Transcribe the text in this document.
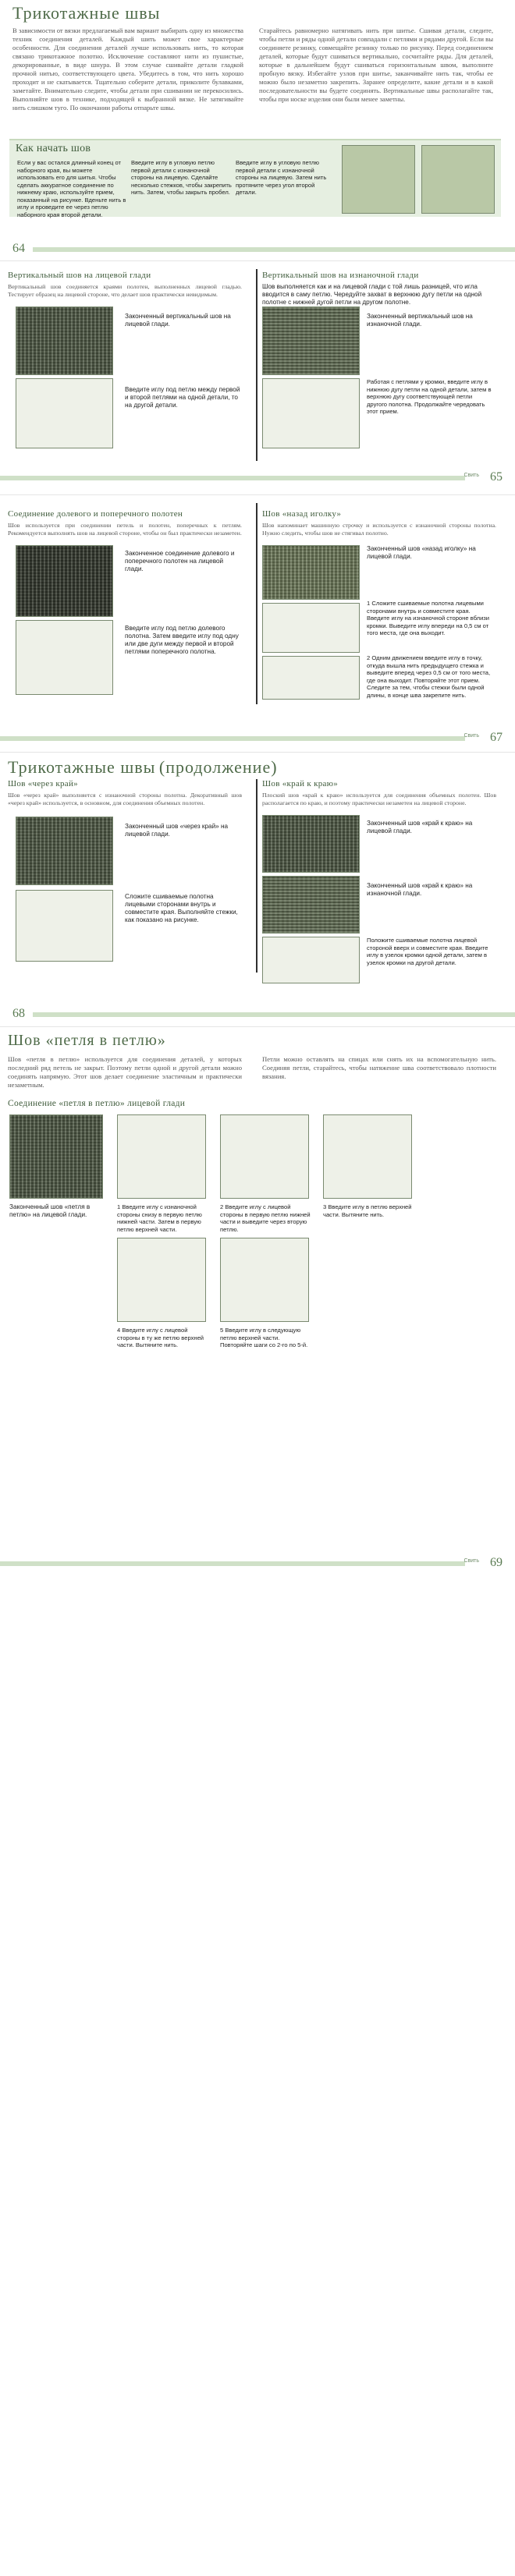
Трикотажные швы

В зависимости от вязки предлагаемый вам вариант выбирать одну из множества техник соединения деталей. Каждый шить может свое характерные особенности. Для соединения деталей лучше использовать нить, то которая связано трикотажное полотно. Исключение составляют нити из пушистые, декорированные, в виде шнура. В этом случае сшивайте детали гладкой прочной нитью, соответствующего цвета. Убедитесь в том, что нить хорошо проходит и не скатывается. Тщательно соберите детали, приколите булавками, заметайте. Внимательно следите, чтобы детали при сшивании не перекосились. Выполняйте шов в технике, подходящей к выбранной вязке. Не затягивайте нить слишком туго. По окончании работы отпарьте швы.

Старайтесь равномерно натягивать нить при шитье. Сшивая детали, следите, чтобы петли и ряды одной детали совпадали с петлями и рядами другой. Если вы соединяете резинку, совмещайте резинку только по рисунку. Перед соединением деталей, которые будут сшиваться вертикально, сосчитайте ряды. Для деталей, которые в дальнейшем будут сшиваться горизонтальным швом, выполните пробную вязку. Избегайте узлов при шитье, заканчивайте нить так, чтобы ее можно было незаметно закрепить. Заранее определите, какие детали и в какой последовательности вы будете соединять. Вертикальные швы располагайте так, чтобы при носке изделия они были менее заметны.

Как начать шов

Если у вас остался длинный конец от наборного края, вы можете использовать его для шитья. Чтобы сделать аккуратное соединение по нижнему краю, используйте прием, показанный на рисунке. Вденьте нить в иглу и проведите ее через петлю наборного края второй детали.

Введите иглу в угловую петлю первой детали с изнаночной стороны на лицевую. Сделайте несколько стежков, чтобы закрепить нить. Затем, чтобы закрыть пробел.

Введите иглу в угловую петлю первой детали с изнаночной стороны на лицевую. Затем нить протяните через угол второй детали.

64
Вертикальный шов на лицевой глади

Вертикальный шов соединяется краями полотен, выполненных лицевой гладью. Тестирует образец на лицевой стороне, что делает шов практически невидимым.

Законченный вертикальный шов на лицевой глади.

Введите иглу под петлю между первой и второй петлями на одной детали, то на другой детали.

Вертикальный шов на изнаночной глади

Шов выполняется как и на лицевой глади с той лишь разницей, что игла вводится в саму петлю. Чередуйте захват в верхнюю дугу петли на одной полотне с нижней дугой петли на другом полотне.

Законченный вертикальный шов на изнаночной глади.

Работая с петлями у кромки, введите иглу в нижнюю дугу петли на одной детали, затем в верхнюю дугу соответствующей петли другого полотна. Продолжайте чередовать этот прием.

Свить 65
Соединение долевого и поперечного полотен

Шов используется при соединении петель и полотен, поперечных к петлям. Рекомендуется выполнять шов на лицевой стороне, чтобы он был практически незаметен.

Законченное соединение долевого и поперечного полотен на лицевой глади.

Введите иглу под петлю долевого полотна. Затем введите иглу под одну или две дуги между первой и второй петлями поперечного полотна.

Шов «назад иголку»

Шов напоминает машинную строчку и используется с изнаночной стороны полотна. Нужно следить, чтобы шов не стягивал полотно.

Законченный шов «назад иголку» на лицевой глади.

1 Сложите сшиваемые полотна лицевыми сторонами внутрь и совместите края. Введите иглу на изнаночной стороне вблизи кромки. Выведите иглу впереди на 0,5 см от того места, где она выходит.

2 Одним движением введите иглу в точку, откуда вышла нить предыдущего стежка и выведите вперед через 0,5 см от того места, где она выходит. Повторяйте этот прием. Следите за тем, чтобы стежки были одной длины, в конце шва закрепите нить.

Свить 67
Трикотажные швы (продолжение)
Шов «через край»

Шов «через край» выполняется с изнаночной стороны полотна. Декоративный шов «через край» используется, в основном, для соединения объемных полотен.

Законченный шов «через край» на лицевой глади.

Сложите сшиваемые полотна лицевыми сторонами внутрь и совместите края. Выполняйте стежки, как показано на рисунке.

Шов «край к краю»

Плоский шов «край к краю» используется для соединения объемных полотен. Шов располагается по краю, и поэтому практически незаметен на лицевой стороне.

Законченный шов «край к краю» на лицевой глади.

Законченный шов «край к краю» на изнаночной глади.

Положите сшиваемые полотна лицевой стороной вверх и совместите края. Введите иглу в узелок кромки одной детали, затем в узелок кромки на другой детали.

68
Шов «петля в петлю»

Шов «петля в петлю» используется для соединения деталей, у которых последний ряд петель не закрыт. Поэтому петли одной и другой детали можно соединять напрямую. Этот шов делает соединение эластичным и практически незаметным.

Петли можно оставлять на спицах или снять их на вспомогательную нить. Соединяя петли, старайтесь, чтобы натяжение шва соответствовало плотности вязания.

Соединение «петля в петлю» лицевой глади

Законченный шов «петля в петлю» на лицевой глади.

1 Введите иглу с изнаночной стороны снизу в первую петлю нижней части. Затем в первую петлю верхней части.

2 Введите иглу с лицевой стороны в первую петлю нижней части и выведите через вторую петлю.

3 Введите иглу в петлю верхней части. Вытяните нить.

4 Введите иглу с лицевой стороны в ту же петлю верхней части. Вытяните нить.

5 Введите иглу в следующую петлю верхней части. Повторяйте шаги со 2-го по 5-й.

Свить 69
